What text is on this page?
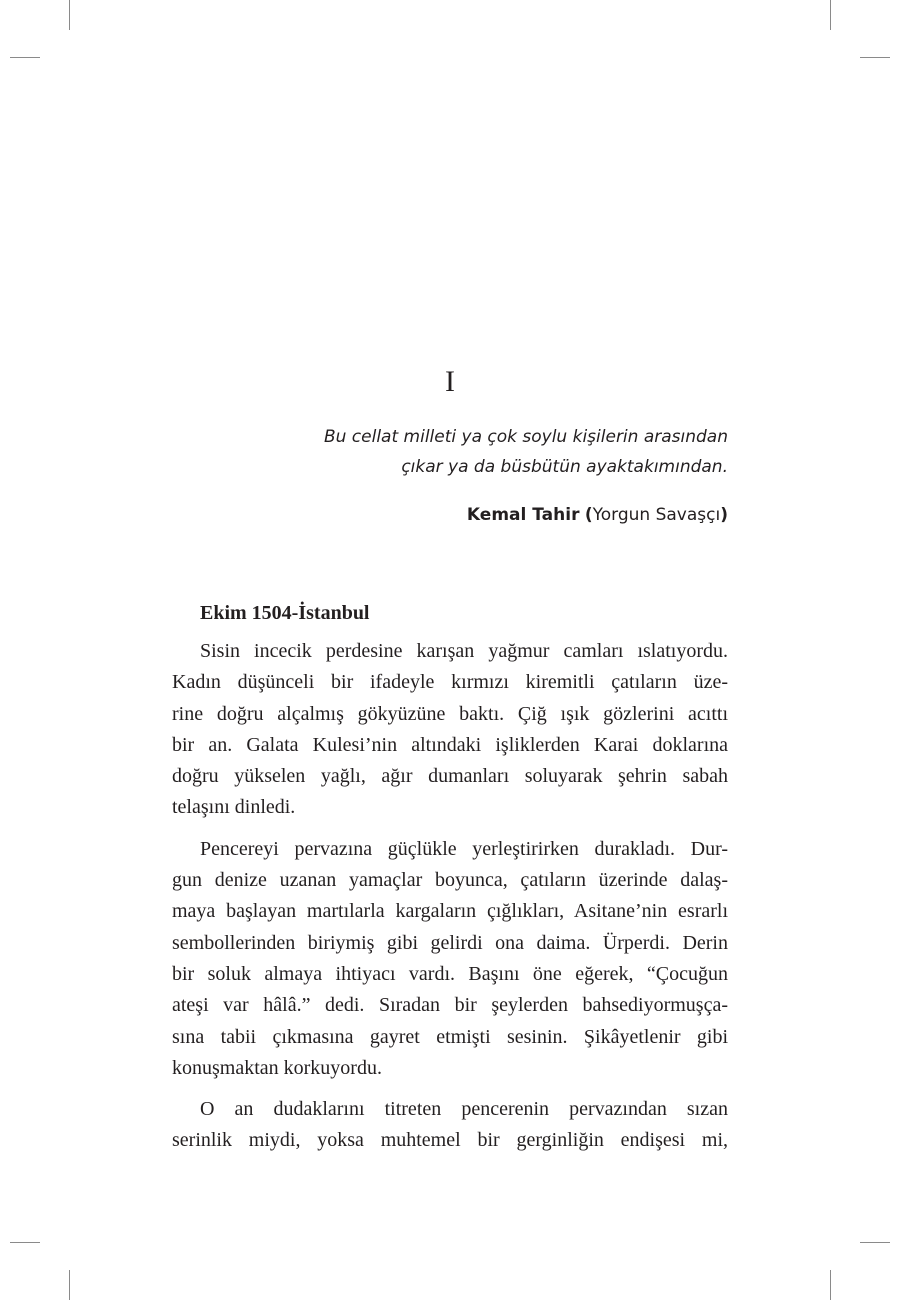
I
Bu cellat milleti ya çok soylu kişilerin arasından
çıkar ya da büsbütün ayaktakımından.
Kemal Tahir (Yorgun Savaşçı)
Ekim 1504-İstanbul

Sisin incecik perdesine karışan yağmur camları ıslatıyordu.
Kadın düşünceli bir ifadeyle kırmızı kiremitli çatıların üze-
rine doğru alçalmış gökyüzüne baktı. Çiğ ışık gözlerini acıttı
bir an. Galata Kulesi’nin altındaki işliklerden Karai doklarına
doğru yükselen yağlı, ağır dumanları soluyarak şehrin sabah
telaşını dinledi.

Pencereyi pervazına güçlükle yerleştirirken durakladı. Dur-
gun denize uzanan yamaçlar boyunca, çatıların üzerinde dalaş-
maya başlayan martılarla kargaların çığlıkları, Asitane’nin esrarlı
sembollerinden biriymiş gibi gelirdi ona daima. Ürperdi. Derin
bir soluk almaya ihtiyacı vardı. Başını öne eğerek, “Çocuğun
ateşi var hâlâ.” dedi. Sıradan bir şeylerden bahsediyormuşça-
sına tabii çıkmasına gayret etmişti sesinin. Şikâyetlenir gibi
konuşmaktan korkuyordu.

O an dudaklarını titreten pencerenin pervazından sızan
serinlik miydi, yoksa muhtemel bir gerginliğin endişesi mi,
